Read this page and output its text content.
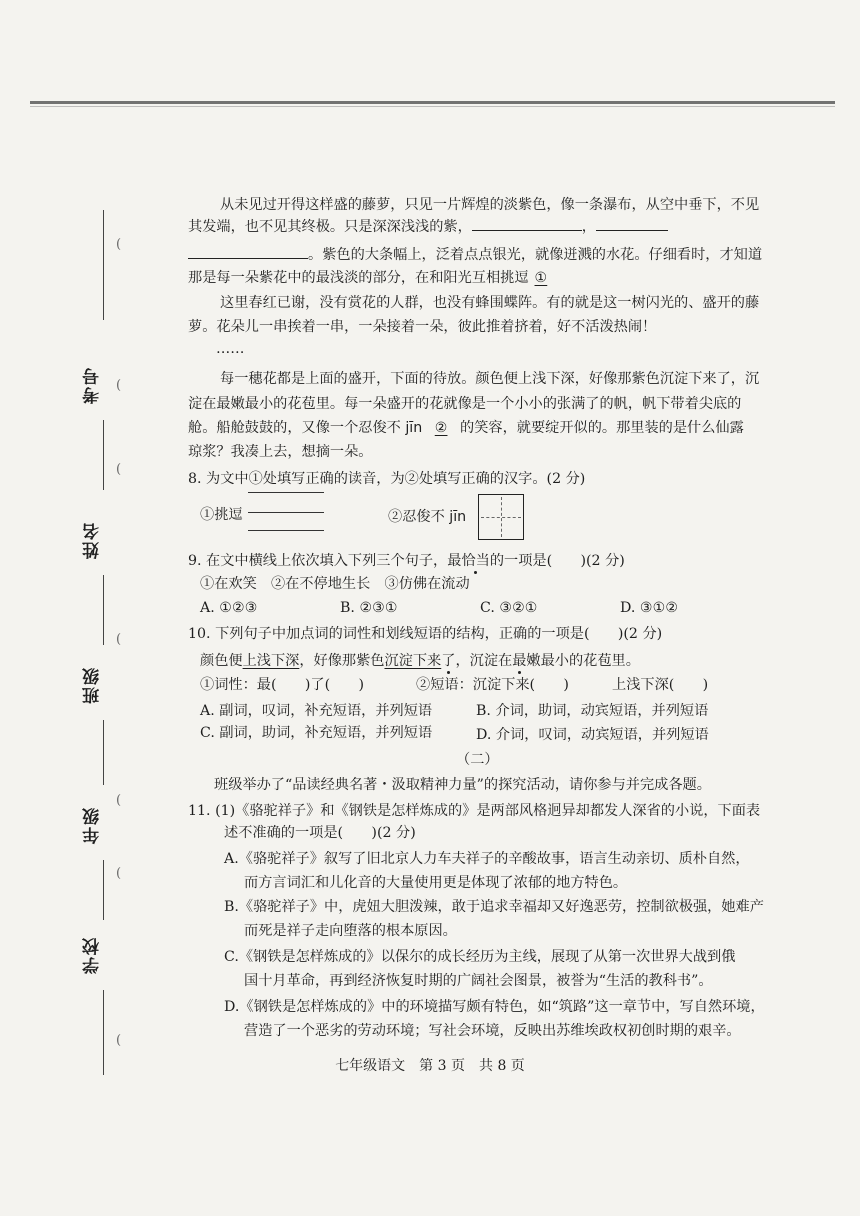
考号
姓名
班级
年级
学校
(
(
(
(
(
(
(
从未见过开得这样盛的藤萝，只见一片辉煌的淡紫色，像一条瀑布，从空中垂下，不见
其发端，也不见其终极。只是深深浅浅的紫，	，
。紫色的大条幅上，泛着点点银光，就像迸溅的水花。仔细看时，才知道
那是每一朵紫花中的最浅淡的部分，在和阳光互相挑逗 ①
这里春红已谢，没有赏花的人群，也没有蜂围蝶阵。有的就是这一树闪光的、盛开的藤
萝。花朵儿一串挨着一串，一朵接着一朵，彼此推着挤着，好不活泼热闹！
……
每一穗花都是上面的盛开，下面的待放。颜色便上浅下深，好像那紫色沉淀下来了，沉
淀在最嫩最小的花苞里。每一朵盛开的花就像是一个小小的张满了的帆，帆下带着尖底的
舱。船舱鼓鼓的，又像一个忍俊不 jīn ② 的笑容，就要绽开似的。那里装的是什么仙露
琼浆？我凑上去，想摘一朵。
8. 为文中①处填写正确的读音，为②处填写正确的汉字。(2 分)
①挑逗	②忍俊不 jīn
9. 在文中横线上依次填入下列三个句子，最恰当的一项是(　　)(2 分)
①在欢笑　 ②在不停地生长　 ③仿佛在流动
A. ①②③	B. ②③①	C. ③②①	D. ③①②
10. 下列句子中加点词的词性和划线短语的结构，正确的一项是(　　)(2 分)
颜色便上浅下深，好像那紫色沉淀下来了，沉淀在最嫩最小的花苞里。
①词性：最(　　)了(　　)	②短语：沉淀下来(　　)	上浅下深(　　)
A. 副词，叹词，补充短语，并列短语	B. 介词，助词，动宾短语，并列短语
C. 副词，助词，补充短语，并列短语	D. 介词，叹词，动宾短语，并列短语
（二）
班级举办了“品读经典名著・汲取精神力量”的探究活动，请你参与并完成各题。
11. (1)《骆驼祥子》和《钢铁是怎样炼成的》是两部风格迥异却都发人深省的小说，下面表
述不准确的一项是(　　)(2 分)
A.《骆驼祥子》叙写了旧北京人力车夫祥子的辛酸故事，语言生动亲切、质朴自然，
而方言词汇和儿化音的大量使用更是体现了浓郁的地方特色。
B.《骆驼祥子》中，虎妞大胆泼辣，敢于追求幸福却又好逸恶劳，控制欲极强，她难产
而死是祥子走向堕落的根本原因。
C.《钢铁是怎样炼成的》以保尔的成长经历为主线，展现了从第一次世界大战到俄
国十月革命，再到经济恢复时期的广阔社会图景，被誉为“生活的教科书”。
D.《钢铁是怎样炼成的》中的环境描写颇有特色，如“筑路”这一章节中，写自然环境，
营造了一个恶劣的劳动环境；写社会环境，反映出苏维埃政权初创时期的艰辛。
七年级语文　第 3 页　共 8 页
